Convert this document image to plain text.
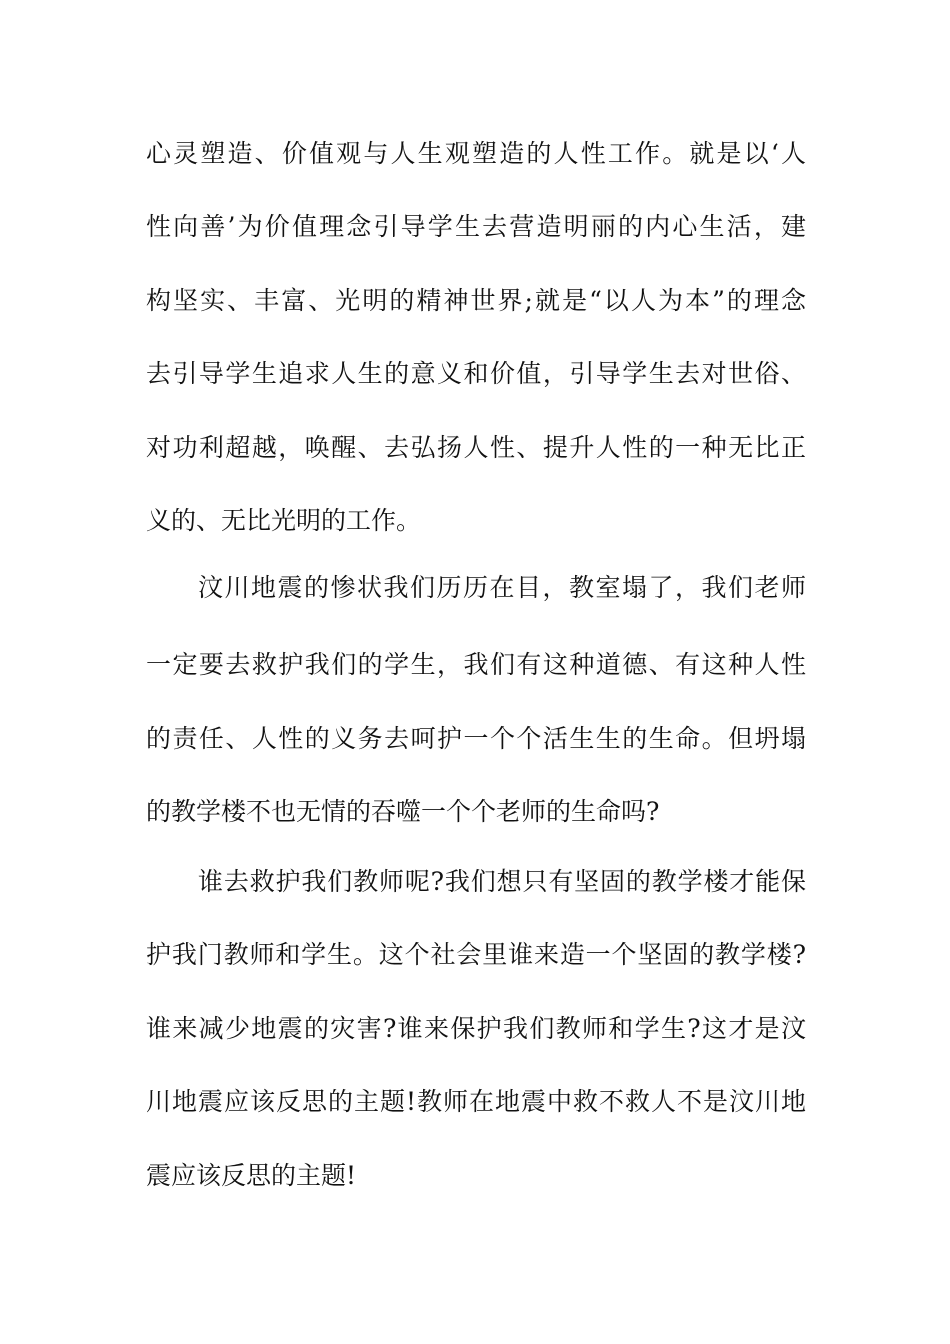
心灵塑造、价值观与人生观塑造的人性工作。就是以‘人
性向善’为价值理念引导学生去营造明丽的内心生活，建
构坚实、丰富、光明的精神世界;就是“以人为本”的理念
去引导学生追求人生的意义和价值，引导学生去对世俗、
对功利超越，唤醒、去弘扬人性、提升人性的一种无比正
义的、无比光明的工作。
汶川地震的惨状我们历历在目，教室塌了，我们老师
一定要去救护我们的学生，我们有这种道德、有这种人性
的责任、人性的义务去呵护一个个活生生的生命。但坍塌
的教学楼不也无情的吞噬一个个老师的生命吗?
谁去救护我们教师呢?我们想只有坚固的教学楼才能保
护我门教师和学生。这个社会里谁来造一个坚固的教学楼?
谁来减少地震的灾害?谁来保护我们教师和学生?这才是汶
川地震应该反思的主题!教师在地震中救不救人不是汶川地
震应该反思的主题!
